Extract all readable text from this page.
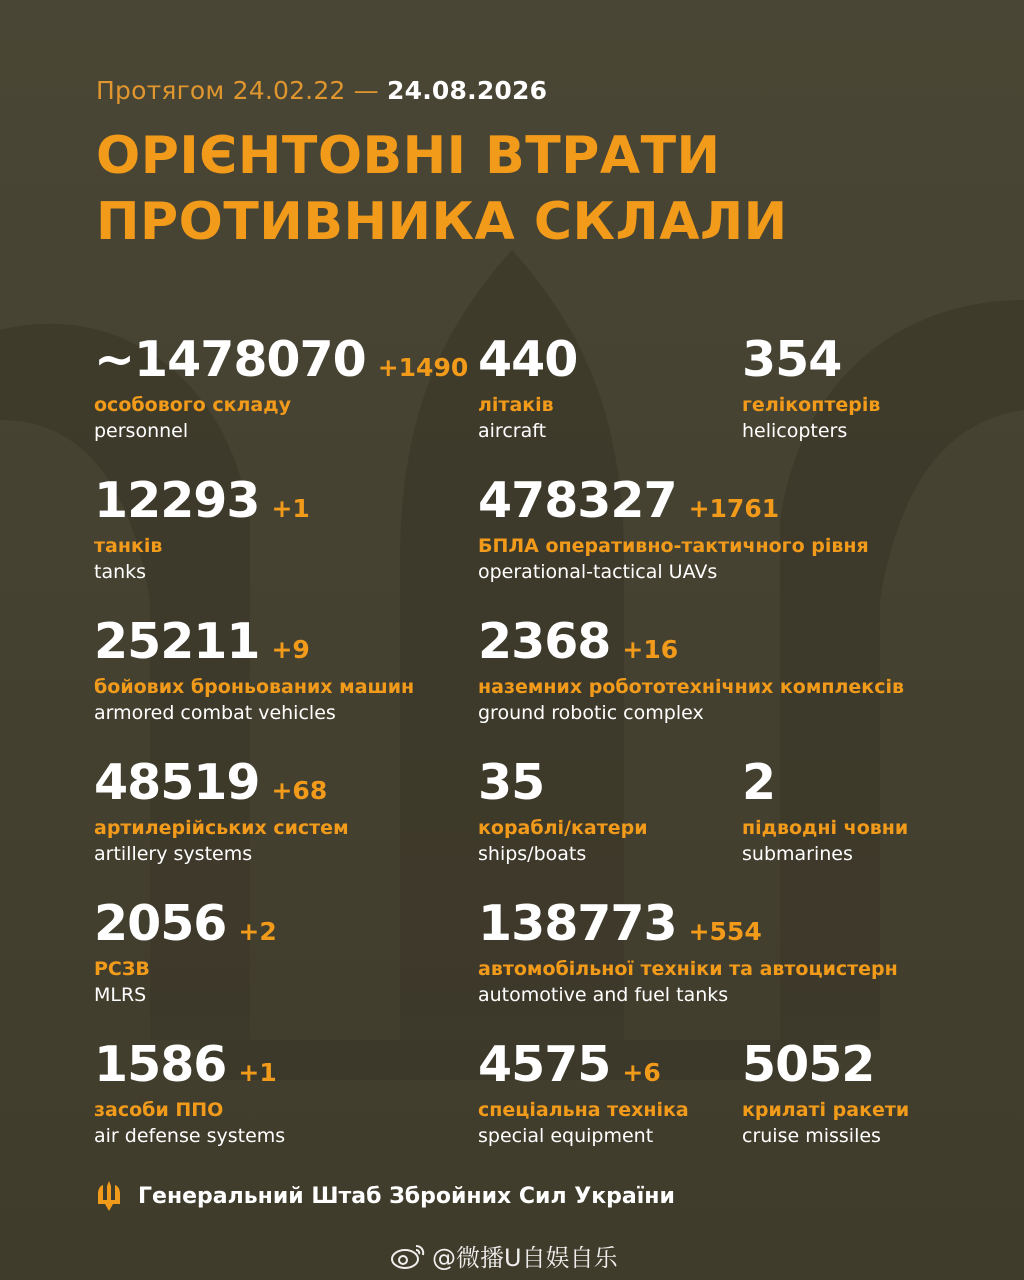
Протягом 24.02.22 — 24.08.2026
ОРІЄНТОВНІ ВТРАТИ
ПРОТИВНИКА СКЛАЛИ
~1478070 +1490
особового складу
personnel
440
літаків
aircraft
354
гелікоптерів
helicopters
12293 +1
танків
tanks
478327 +1761
БПЛА оперативно-тактичного рівня
operational-tactical UAVs
25211 +9
бойових броньованих машин
armored combat vehicles
2368 +16
наземних робототехнічних комплексів
ground robotic complex
48519 +68
артилерійських систем
artillery systems
35
кораблі/катери
ships/boats
2
підводні човни
submarines
2056 +2
РСЗВ
MLRS
138773 +554
автомобільної техніки та автоцистерн
automotive and fuel tanks
1586 +1
засоби ППО
air defense systems
4575 +6
спеціальна техніка
special equipment
5052
крилаті ракети
cruise missiles
Генеральний Штаб Збройних Сил України
@微播U自娱自乐
